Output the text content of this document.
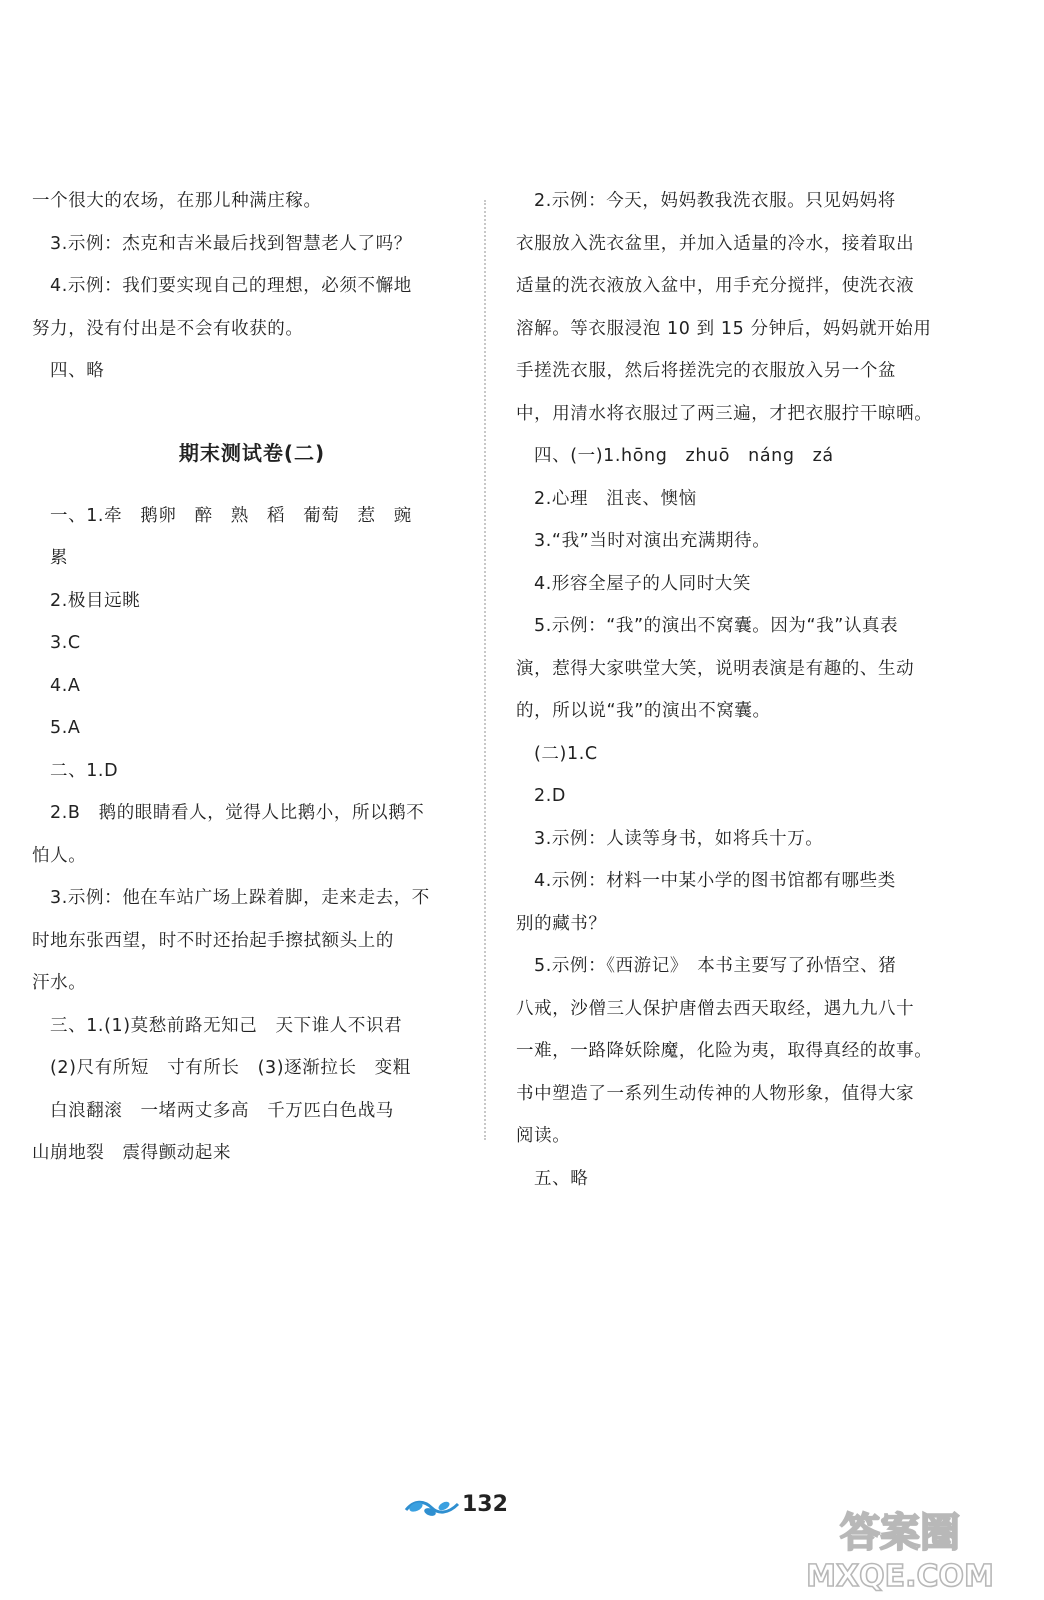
一个很大的农场，在那儿种满庄稼。
3.示例：杰克和吉米最后找到智慧老人了吗？
4.示例：我们要实现自己的理想，必须不懈地
努力，没有付出是不会有收获的。
四、略
期末测试卷(二)
一、1.牵　鹅卵　醉　熟　稻　葡萄　惹　豌
累
2.极目远眺
3.C
4.A
5.A
二、1.D
2.B　鹅的眼睛看人，觉得人比鹅小，所以鹅不
怕人。
3.示例：他在车站广场上跺着脚，走来走去，不
时地东张西望，时不时还抬起手擦拭额头上的
汗水。
三、1.(1)莫愁前路无知己　天下谁人不识君
(2)尺有所短　寸有所长　(3)逐渐拉长　变粗
白浪翻滚　一堵两丈多高　千万匹白色战马
山崩地裂　震得颤动起来
2.示例：今天，妈妈教我洗衣服。只见妈妈将
衣服放入洗衣盆里，并加入适量的冷水，接着取出
适量的洗衣液放入盆中，用手充分搅拌，使洗衣液
溶解。等衣服浸泡 10 到 15 分钟后，妈妈就开始用
手搓洗衣服，然后将搓洗完的衣服放入另一个盆
中，用清水将衣服过了两三遍，才把衣服拧干晾晒。
四、(一)1.hōng　zhuō　náng　zá
2.心理　沮丧、懊恼
3.“我”当时对演出充满期待。
4.形容全屋子的人同时大笑
5.示例：“我”的演出不窝囊。因为“我”认真表
演，惹得大家哄堂大笑，说明表演是有趣的、生动
的，所以说“我”的演出不窝囊。
(二)1.C
2.D
3.示例：人读等身书，如将兵十万。
4.示例：材料一中某小学的图书馆都有哪些类
别的藏书？
5.示例：《西游记》　本书主要写了孙悟空、猪
八戒，沙僧三人保护唐僧去西天取经，遇九九八十
一难，一路降妖除魔，化险为夷，取得真经的故事。
书中塑造了一系列生动传神的人物形象，值得大家
阅读。
五、略
132
答案圈
MXQE.COM
